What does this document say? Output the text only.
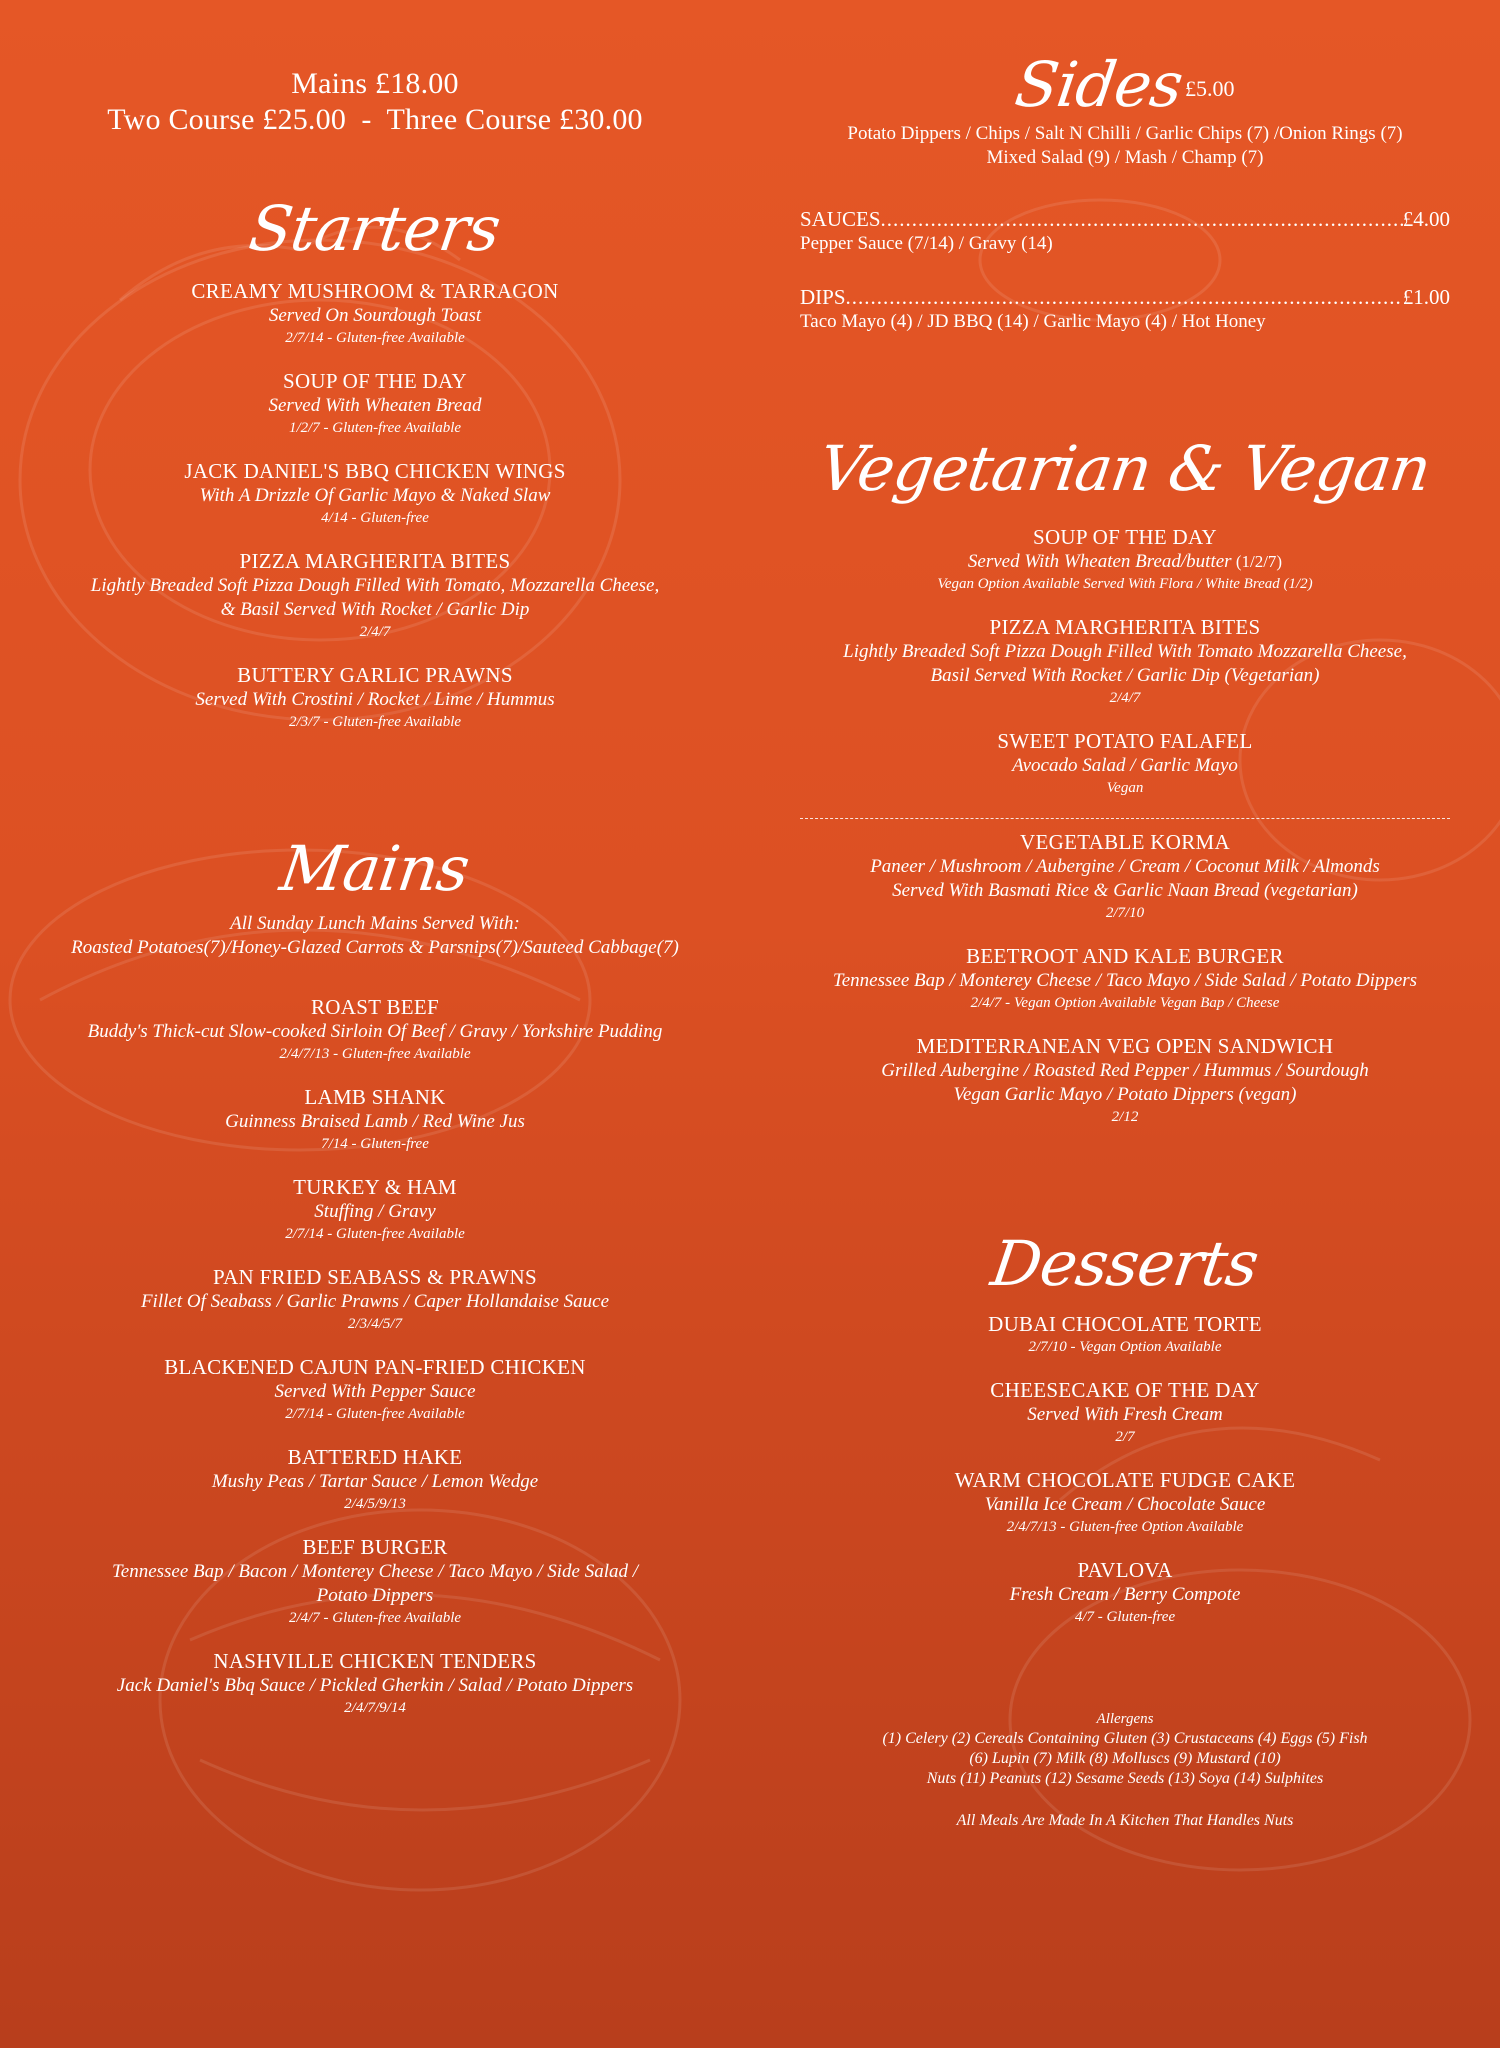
Mains £18.00
Two Course £25.00  -  Three Course £30.00
Starters
CREAMY MUSHROOM & TARRAGON
Served On Sourdough Toast
2/7/14 - Gluten-free Available
SOUP OF THE DAY
Served With Wheaten Bread
1/2/7 - Gluten-free Available
JACK DANIEL'S BBQ CHICKEN WINGS
With A Drizzle Of Garlic Mayo & Naked Slaw
4/14 - Gluten-free
PIZZA MARGHERITA BITES
Lightly Breaded Soft Pizza Dough Filled With Tomato, Mozzarella Cheese,
& Basil Served With Rocket / Garlic Dip
2/4/7
BUTTERY GARLIC PRAWNS
Served With Crostini / Rocket / Lime / Hummus
2/3/7 - Gluten-free Available
Mains
All Sunday Lunch Mains Served With:
Roasted Potatoes(7)/Honey-Glazed Carrots & Parsnips(7)/Sauteed Cabbage(7)
ROAST BEEF
Buddy's Thick-cut Slow-cooked Sirloin Of Beef / Gravy / Yorkshire Pudding
2/4/7/13 - Gluten-free Available
LAMB SHANK
Guinness Braised Lamb / Red Wine Jus
7/14 - Gluten-free
TURKEY & HAM
Stuffing / Gravy
2/7/14 - Gluten-free Available
PAN FRIED SEABASS & PRAWNS
Fillet Of Seabass / Garlic Prawns / Caper Hollandaise Sauce
2/3/4/5/7
BLACKENED CAJUN PAN-FRIED CHICKEN
Served With Pepper Sauce
2/7/14 - Gluten-free Available
BATTERED HAKE
Mushy Peas / Tartar Sauce / Lemon Wedge
2/4/5/9/13
BEEF BURGER
Tennessee Bap / Bacon / Monterey Cheese / Taco Mayo / Side Salad /
Potato Dippers
2/4/7 - Gluten-free Available
NASHVILLE CHICKEN TENDERS
Jack Daniel's Bbq Sauce / Pickled Gherkin / Salad / Potato Dippers
2/4/7/9/14
Sides £5.00
Potato Dippers / Chips / Salt N Chilli / Garlic Chips (7) /Onion Rings (7)
Mixed Salad (9) / Mash / Champ (7)
SAUCES .....	£4.00
Pepper Sauce (7/14) / Gravy (14)
DIPS .....	£1.00
Taco Mayo (4) / JD BBQ (14) / Garlic Mayo (4) / Hot Honey
Vegetarian & Vegan
SOUP OF THE DAY
Served With Wheaten Bread/butter (1/2/7)
Vegan Option Available Served With Flora / White Bread (1/2)
PIZZA MARGHERITA BITES
Lightly Breaded Soft Pizza Dough Filled With Tomato Mozzarella Cheese,
Basil Served With Rocket / Garlic Dip (Vegetarian)
2/4/7
SWEET POTATO FALAFEL
Avocado Salad / Garlic Mayo
Vegan
VEGETABLE KORMA
Paneer / Mushroom / Aubergine / Cream / Coconut Milk / Almonds
Served With Basmati Rice & Garlic Naan Bread (vegetarian)
2/7/10
BEETROOT AND KALE BURGER
Tennessee Bap / Monterey Cheese / Taco Mayo / Side Salad / Potato Dippers
2/4/7 - Vegan Option Available Vegan Bap / Cheese
MEDITERRANEAN VEG OPEN SANDWICH
Grilled Aubergine / Roasted Red Pepper / Hummus / Sourdough
Vegan Garlic Mayo / Potato Dippers (vegan)
2/12
Desserts
DUBAI CHOCOLATE TORTE
2/7/10 - Vegan Option Available
CHEESECAKE OF THE DAY
Served With Fresh Cream
2/7
WARM CHOCOLATE FUDGE CAKE
Vanilla Ice Cream / Chocolate Sauce
2/4/7/13 - Gluten-free Option Available
PAVLOVA
Fresh Cream / Berry Compote
4/7 - Gluten-free
Allergens
(1) Celery (2) Cereals Containing Gluten (3) Crustaceans (4) Eggs (5) Fish
(6) Lupin (7) Milk (8) Molluscs (9) Mustard (10)
Nuts (11) Peanuts (12) Sesame Seeds (13) Soya (14) Sulphites
All Meals Are Made In A Kitchen That Handles Nuts
